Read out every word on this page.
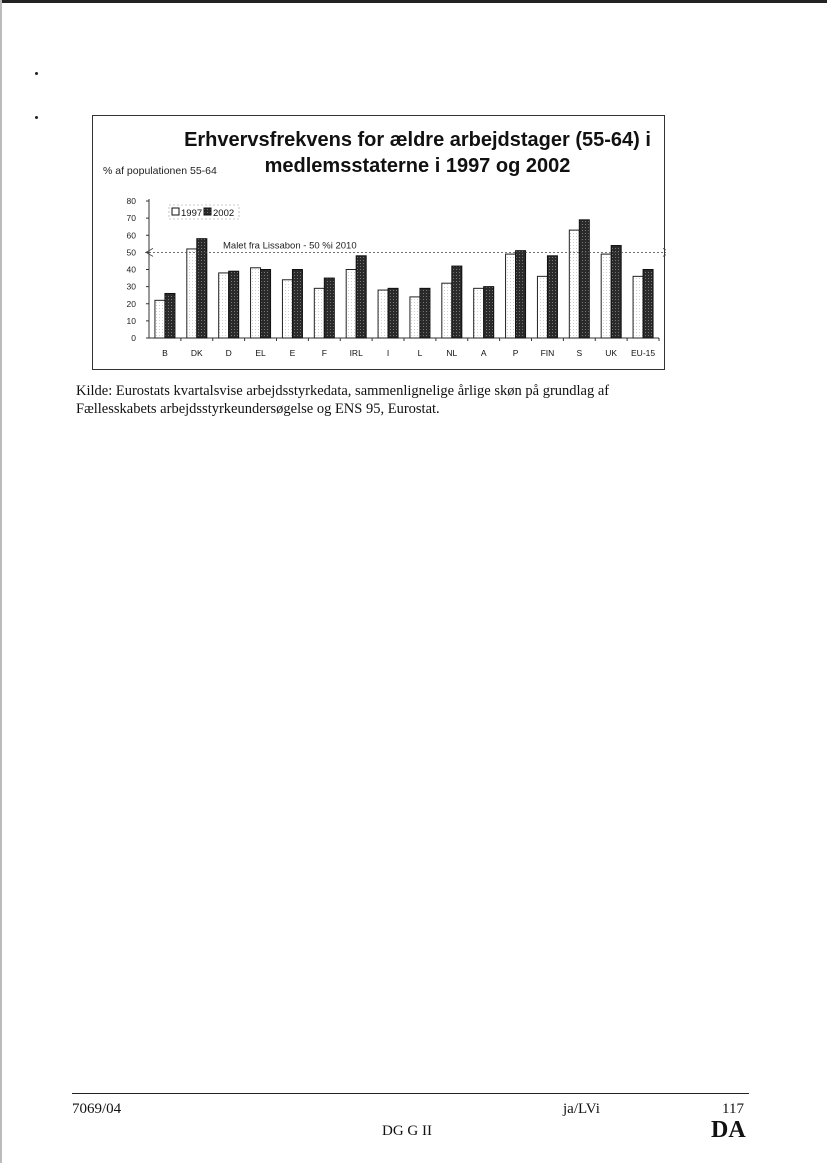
Erhvervsfrekvens for ældre arbejdstager (55-64) i medlemsstaterne i 1997 og 2002
% af populationen 55-64
0
10
20
30
40
50
60
70
80
B	DK	D	EL	E	F	IRL	I	L	NL	A	P	FIN	S	UK EU-15
Malet fra Lissabon - 50 %i 2010
1997 2002

Kilde: Eurostats kvartalsvise arbejdsstyrkedata, sammenlignelige årlige skøn på grundlag af Fællesskabets arbejdsstyrkeundersøgelse og ENS 95, Eurostat.

7069/04	ja/LVi	117
DG G II	DA
